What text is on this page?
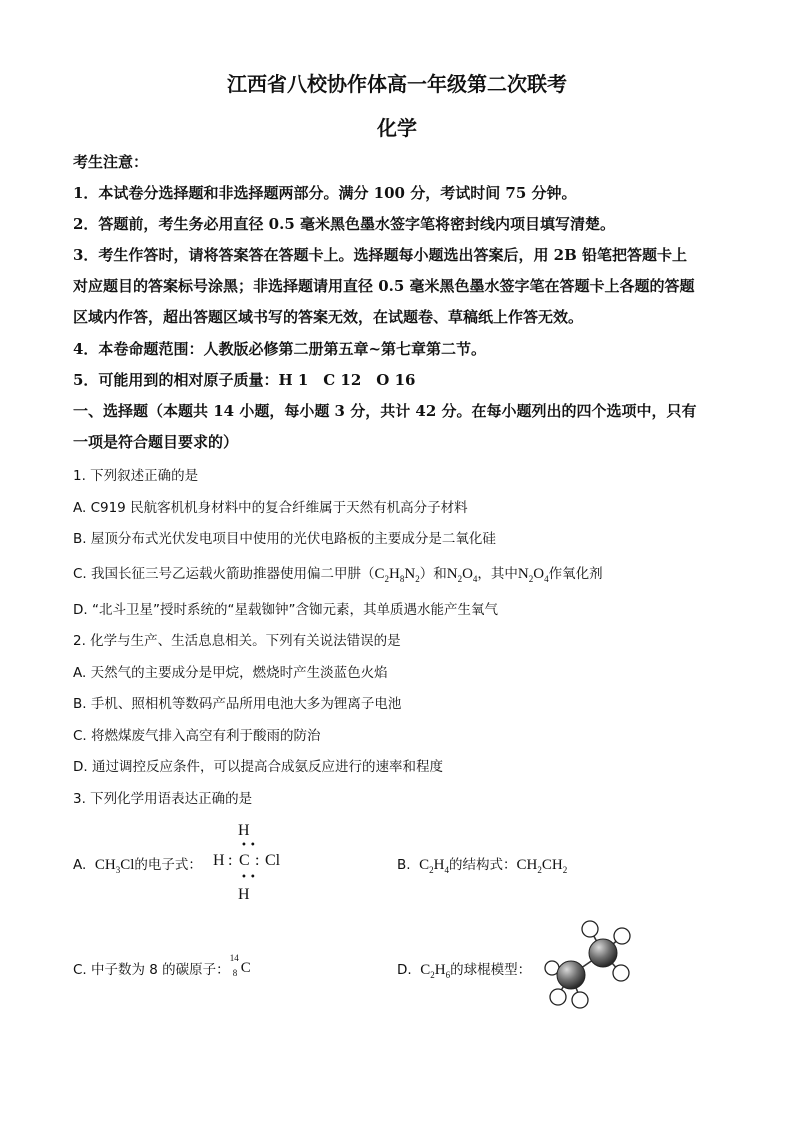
江西省八校协作体高一年级第二次联考
化学
考生注意：
1．本试卷分选择题和非选择题两部分。满分 100 分，考试时间 75 分钟。
2．答题前，考生务必用直径 0.5 毫米黑色墨水签字笔将密封线内项目填写清楚。
3．考生作答时，请将答案答在答题卡上。选择题每小题选出答案后，用 2B 铅笔把答题卡上
对应题目的答案标号涂黑；非选择题请用直径 0.5 毫米黑色墨水签字笔在答题卡上各题的答题
区域内作答，超出答题区域书写的答案无效，在试题卷、草稿纸上作答无效。
4．本卷命题范围：人教版必修第二册第五章~第七章第二节。
5．可能用到的相对原子质量：H 1　C 12　O 16
一、选择题（本题共 14 小题，每小题 3 分，共计 42 分。在每小题列出的四个选项中，只有
一项是符合题目要求的）
1. 下列叙述正确的是
A. C919 民航客机机身材料中的复合纤维属于天然有机高分子材料
B. 屋顶分布式光伏发电项目中使用的光伏电路板的主要成分是二氧化硅
C. 我国长征三号乙运载火箭助推器使用偏二甲肼$(C_2H_8N_2)$和$N_2O_4$，其中$N_2O_4$作氧化剂
D. “北斗卫星”授时系统的“星载铷钟”含铷元素，其单质遇水能产生氧气
2. 化学与生产、生活息息相关。下列有关说法错误的是
A. 天然气的主要成分是甲烷，燃烧时产生淡蓝色火焰
B. 手机、照相机等数码产品所用电池大多为锂离子电池
C. 将燃煤废气排入高空有利于酸雨的防治
D. 通过调控反应条件，可以提高合成氨反应进行的速率和程度
3. 下列化学用语表达正确的是
A. $CH_3Cl$的电子式：
H
••
H : C : Cl
••
H
B. $C_2H_4$的结构式：$CH_2CH_2$
C. 中子数为 8 的碳原子：
14
8 C	D. $C_2H_6$的球棍模型：
